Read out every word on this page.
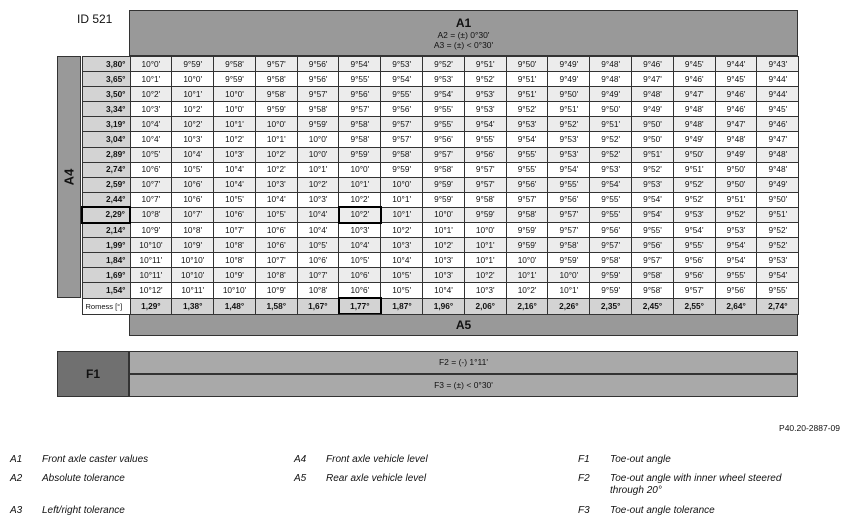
ID 521	A1
A2 = (±) 0°30'
A3 = (±) < 0°30'
A4
3,80°	10°0'	9°59'	9°58'	9°57'	9°56'	9°54'	9°53'	9°52'	9°51'	9°50'	9°49'	9°48'	9°46'	9°45'	9°44'	9°43'
3,65°	10°1'	10°0'	9°59'	9°58'	9°56'	9°55'	9°54'	9°53'	9°52'	9°51'	9°49'	9°48'	9°47'	9°46'	9°45'	9°44'
3,50°	10°2'	10°1'	10°0'	9°58'	9°57'	9°56'	9°55'	9°54'	9°53'	9°51'	9°50'	9°49'	9°48'	9°47'	9°46'	9°44'
3,34°	10°3'	10°2'	10°0'	9°59'	9°58'	9°57'	9°56'	9°55'	9°53'	9°52'	9°51'	9°50'	9°49'	9°48'	9°46'	9°45'
3,19°	10°4'	10°2'	10°1'	10°0'	9°59'	9°58'	9°57'	9°55'	9°54'	9°53'	9°52'	9°51'	9°50'	9°48'	9°47'	9°46'
3,04°	10°4'	10°3'	10°2'	10°1'	10°0'	9°58'	9°57'	9°56'	9°55'	9°54'	9°53'	9°52'	9°50'	9°49'	9°48'	9°47'
2,89°	10°5'	10°4'	10°3'	10°2'	10°0'	9°59'	9°58'	9°57'	9°56'	9°55'	9°53'	9°52'	9°51'	9°50'	9°49'	9°48'
2,74°	10°6'	10°5'	10°4'	10°2'	10°1'	10°0'	9°59'	9°58'	9°57'	9°55'	9°54'	9°53'	9°52'	9°51'	9°50'	9°48'
2,59°	10°7'	10°6'	10°4'	10°3'	10°2'	10°1'	10°0'	9°59'	9°57'	9°56'	9°55'	9°54'	9°53'	9°52'	9°50'	9°49'
2,44°	10°7'	10°6'	10°5'	10°4'	10°3'	10°2'	10°1'	9°59'	9°58'	9°57'	9°56'	9°55'	9°54'	9°52'	9°51'	9°50'
2,29°	10°8'	10°7'	10°6'	10°5'	10°4'	10°2'	10°1'	10°0'	9°59'	9°58'	9°57'	9°55'	9°54'	9°53'	9°52'	9°51'
2,14°	10°9'	10°8'	10°7'	10°6'	10°4'	10°3'	10°2'	10°1'	10°0'	9°59'	9°57'	9°56'	9°55'	9°54'	9°53'	9°52'
1,99°	10°10'	10°9'	10°8'	10°6'	10°5'	10°4'	10°3'	10°2'	10°1'	9°59'	9°58'	9°57'	9°56'	9°55'	9°54'	9°52'
1,84°	10°11'	10°10'	10°8'	10°7'	10°6'	10°5'	10°4'	10°3'	10°1'	10°0'	9°59'	9°58'	9°57'	9°56'	9°54'	9°53'
1,69°	10°11'	10°10'	10°9'	10°8'	10°7'	10°6'	10°5'	10°3'	10°2'	10°1'	10°0'	9°59'	9°58'	9°56'	9°55'	9°54'
1,54°	10°12'	10°11'	10°10'	10°9'	10°8'	10°6'	10°5'	10°4'	10°3'	10°2'	10°1'	9°59'	9°58'	9°57'	9°56'	9°55'
Romess [°]	1,29°	1,38°	1,48°	1,58°	1,67°	1,77°	1,87°	1,96°	2,06°	2,16°	2,26°	2,35°	2,45°	2,55°	2,64°	2,74°
A5
F1
F2 = (-) 1°11'
F3 = (±) < 0°30'
P40.20-2887-09
A1 Front axle caster values
A2 Absolute tolerance
A3 Left/right tolerance
A4 Front axle vehicle level
A5 Rear axle vehicle level
F1 Toe-out angle
F2 Toe-out angle with inner wheel steered through 20°
F3 Toe-out angle tolerance
